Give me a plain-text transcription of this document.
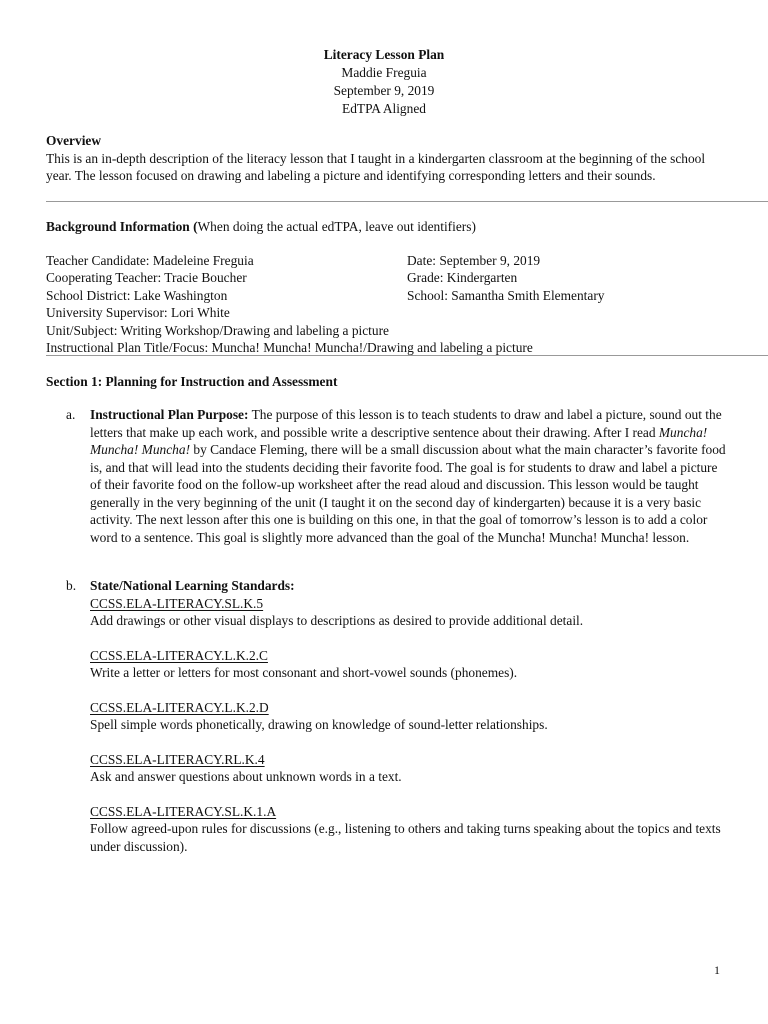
Literacy Lesson Plan
Maddie Freguia
September 9, 2019
EdTPA Aligned
Overview
This is an in-depth description of the literacy lesson that I taught in a kindergarten classroom at the beginning of the school year. The lesson focused on drawing and labeling a picture and identifying corresponding letters and their sounds.
Background Information (When doing the actual edTPA, leave out identifiers)
Teacher Candidate: Madeleine Freguia	Date: September 9, 2019
Cooperating Teacher: Tracie Boucher	Grade: Kindergarten
School District: Lake Washington	School: Samantha Smith Elementary
University Supervisor: Lori White
Unit/Subject: Writing Workshop/Drawing and labeling a picture
Instructional Plan Title/Focus: Muncha! Muncha! Muncha!/Drawing and labeling a picture
Section 1: Planning for Instruction and Assessment
a. Instructional Plan Purpose: The purpose of this lesson is to teach students to draw and label a picture, sound out the letters that make up each work, and possible write a descriptive sentence about their drawing. After I read Muncha! Muncha! Muncha! by Candace Fleming, there will be a small discussion about what the main character’s favorite food is, and that will lead into the students deciding their favorite food. The goal is for students to draw and label a picture of their favorite food on the follow-up worksheet after the read aloud and discussion. This lesson would be taught generally in the very beginning of the unit (I taught it on the second day of kindergarten) because it is a very basic activity. The next lesson after this one is building on this one, in that the goal of tomorrow’s lesson is to add a color word to a sentence. This goal is slightly more advanced than the goal of the Muncha! Muncha! Muncha! lesson.
b. State/National Learning Standards:
CCSS.ELA-LITERACY.SL.K.5
Add drawings or other visual displays to descriptions as desired to provide additional detail.
CCSS.ELA-LITERACY.L.K.2.C
Write a letter or letters for most consonant and short-vowel sounds (phonemes).
CCSS.ELA-LITERACY.L.K.2.D
Spell simple words phonetically, drawing on knowledge of sound-letter relationships.
CCSS.ELA-LITERACY.RL.K.4
Ask and answer questions about unknown words in a text.
CCSS.ELA-LITERACY.SL.K.1.A
Follow agreed-upon rules for discussions (e.g., listening to others and taking turns speaking about the topics and texts under discussion).
1
